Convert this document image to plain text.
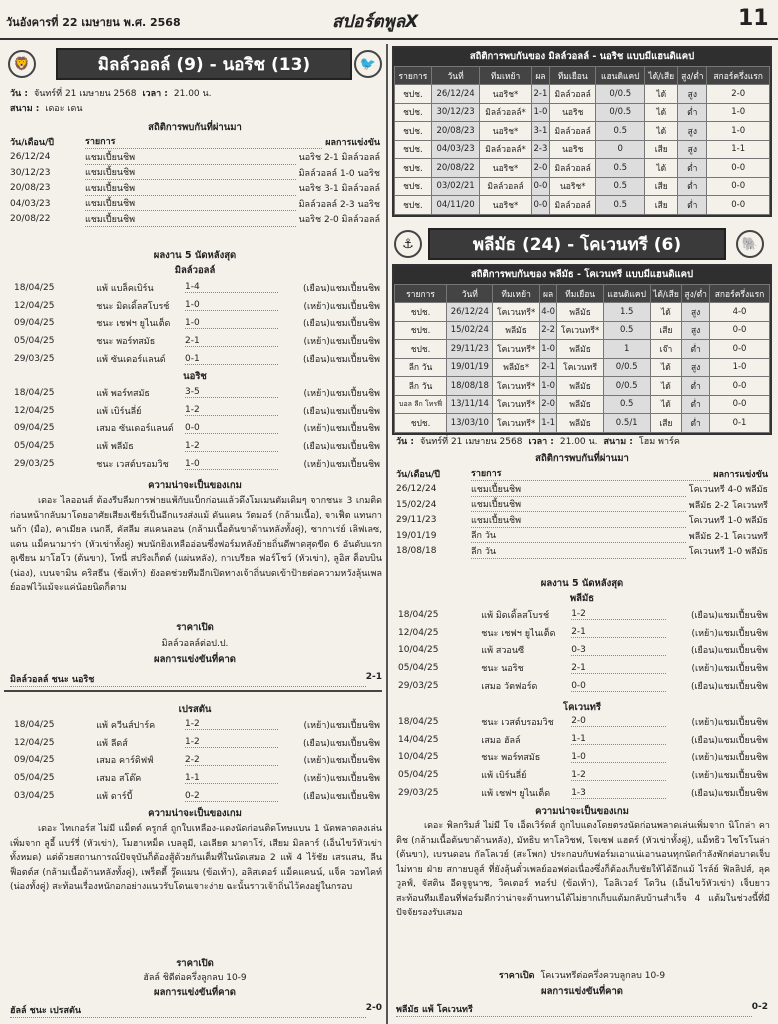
วันอังคารที่ 22 เมษายน พ.ศ. 2568	สปอร์ตพูลX	11
🦁	มิลล์วอลล์ (9) - นอริช (13)	🐦
วัน : จันทร์ที่ 21 เมษายน 2568 เวลา : 21.00 น.
สนาม : เดอะ เดน
สถิติการพบกันที่ผ่านมา
วัน/เดือน/ปี	รายการ	ผลการแข่งขัน
26/12/24	แชมเปี้ยนชิพ	นอริช 2-1 มิลล์วอลล์
30/12/23	แชมเปี้ยนชิพ	มิลล์วอลล์ 1-0 นอริช
20/08/23	แชมเปี้ยนชิพ	นอริช 3-1 มิลล์วอลล์
04/03/23	แชมเปี้ยนชิพ	มิลล์วอลล์ 2-3 นอริช
20/08/22	แชมเปี้ยนชิพ	นอริช 2-0 มิลล์วอลล์
ผลงาน 5 นัดหลังสุด
มิลล์วอลล์
18/04/25	แพ้ แบล็คเบิร์น	1-4	(เยือน) แชมเปี้ยนชิพ
12/04/25	ชนะ มิดเดิ้ลสโบรช์	1-0	(เหย้า) แชมเปี้ยนชิพ
09/04/25	ชนะ เชฟฯ ยูไนเต็ด	1-0	(เยือน) แชมเปี้ยนชิพ
05/04/25	ชนะ พอร์ทสมัธ	2-1	(เหย้า) แชมเปี้ยนชิพ
29/03/25	แพ้ ซันเดอร์แลนด์	0-1	(เยือน) แชมเปี้ยนชิพ
นอริช
18/04/25	แพ้ พอร์ทสมัธ	3-5	(เหย้า) แชมเปี้ยนชิพ
12/04/25	แพ้ เบิร์นลี่ย์	1-2	(เยือน) แชมเปี้ยนชิพ
09/04/25	เสมอ ซันเดอร์แลนด์	0-0	(เหย้า) แชมเปี้ยนชิพ
05/04/25	แพ้ พลีมัธ	1-2	(เยือน) แชมเปี้ยนชิพ
29/03/25	ชนะ เวสต์บรอมวิช	1-0	(เหย้า) แชมเปี้ยนชิพ
ความน่าจะเป็นของเกม
เดอะ ไลออนส์ ต้องรีบลืมการพ่ายแพ้กับแบ็กก่อนแล้วดึงโมเมนตัมเดิมๆ จากชนะ 3 เกมติดก่อนหน้ากลับมาโดยอาศัยเสียงเชียร์เป็นอีกแรงส่งแม้ ดันแคน วัตมอร์ (กล้ามเนื้อ), จาเฟ็ต แทนกานก้า (มือ), คาเมียล เนกลี, คัสลีม สแคนลอน (กล้ามเนื้อต้นขาด้านหลังทั้งคู่), ซากาเร่ย์ เลิฟเลซ, แดน แม็คนามาร่า (หัวเข่าทั้งคู่) พบนักยิงเหลืออ่อนซึ่งฟอร์มหลังย้ายถิ่นดีพาดสุดขีด 6 อันดับแรก ลูเซียน มาโฮโว (ต้นขา), โทนี่ สปริงเก็ตต์ (แผ่นหลัง), กาเบรียล ฟอร์โชว์ (หัวเข่า), ลูอิส ด็อบบิน (น่อง), เบนจามิน คริสธีน (ช้อเท้า) ยังอดช่วยทีมอีกเปิดทางเจ้าถิ่นบดเข้าป้ายต่อความหวังลุ้นเพลย์ออฟไว้แม้จะแค่น้อยนิดก็ตาม
ราคาเปิด
มิลล์วอลล์ต่อป.ป.
ผลการแข่งขันที่คาด
มิลล์วอลล์ ชนะ นอริช	2-1
เปรสตัน
18/04/25	แพ้ ควีนส์ปาร์ค	1-2	(เหย้า) แชมเปี้ยนชิพ
12/04/25	แพ้ ลีดส์	1-2	(เยือน) แชมเปี้ยนชิพ
09/04/25	เสมอ คาร์ดิฟฟ์	2-2	(เหย้า) แชมเปี้ยนชิพ
05/04/25	เสมอ สโต๊ค	1-1	(เหย้า) แชมเปี้ยนชิพ
03/04/25	แพ้ ดาร์บี้	0-2	(เยือน) แชมเปี้ยนชิพ
ความน่าจะเป็นของเกม
เดอะ ไทเกอร์ส ไม่มี แม็ตต์ ครูกส์ ถูกใบเหลือง-แดงนัดก่อนติดโทษแบน 1 นัดพลาดลงเล่นเพิ่มจาก ลูอี้ แบร์รี่ (หัวเข่า), โมฮาเหม็ด เบลลูมี, เอเลียต มาดาโร่, เสียม มิลลาร์ (เอ็นไขว้หัวเข่าทั้งหมด) แต่ด้วยสถานการณ์ปัจจุบันก็ต้องสู้ด้วยกันเต็มที่ในนัดเสมอ 2 แพ้ 4 ไร้ชัย เสรแสน, ลีน ฟ็อตต์ส (กล้ามเนื้อด้านหลังทั้งคู่), เพร็ตตี้ วู๊ดแมน (ข้อเท้า), อลิสเตอร์ แม็คแคนน์, แจ็ค วอทไคท์ (น่องทั้งคู่) สะท้อนเรื่องหนักอกอย่างแนวรับโดนเจาะง่าย ฉะนั้นราวเจ้าถิ่นไว้คงอยู่ในกรอบ
ราคาเปิด
ฮัลล์ ชิดีต่อครึ่งลูกลบ 10-9
ผลการแข่งขันที่คาด
ฮัลล์ ชนะ เปรสตัน	2-0
สถิติการพบกันของ มิลล์วอลล์ - นอริช แบบมีแฮนดิแคป
รายการ	วันที่	ทีมเหย้า	ผล	ทีมเยือน	แฮนดิแคป	ได้/เสีย	สูง/ต่ำ	สกอร์ครึ่งแรก
ชปช.	26/12/24	นอริช*	2-1	มิลล์วอลล์	0/0.5	ได้	สูง	2-0
ชปช.	30/12/23	มิลล์วอลล์*	1-0	นอริช	0/0.5	ได้	ต่ำ	1-0
ชปช.	20/08/23	นอริช*	3-1	มิลล์วอลล์	0.5	ได้	สูง	1-0
ชปช.	04/03/23	มิลล์วอลล์*	2-3	นอริช	0	เสีย	สูง	1-1
ชปช.	20/08/22	นอริช*	2-0	มิลล์วอลล์	0.5	ได้	ต่ำ	0-0
ชปช.	03/02/21	มิลล์วอลล์	0-0	นอริช*	0.5	เสีย	ต่ำ	0-0
ชปช.	04/11/20	นอริช*	0-0	มิลล์วอลล์	0.5	เสีย	ต่ำ	0-0
⚓	พลีมัธ (24) - โคเวนทรี (6)	🐘
สถิติการพบกันของ พลีมัธ - โคเวนทรี แบบมีแฮนดิแคป
รายการ	วันที่	ทีมเหย้า	ผล	ทีมเยือน	แฮนดิแคป	ได้/เสีย	สูง/ต่ำ	สกอร์ครึ่งแรก
ชปช.	26/12/24	โคเวนทรี*	4-0	พลีมัธ	1.5	ได้	สูง	4-0
ชปช.	15/02/24	พลีมัธ	2-2	โคเวนทรี*	0.5	เสีย	สูง	0-0
ชปช.	29/11/23	โคเวนทรี*	1-0	พลีมัธ	1	เจ๊า	ต่ำ	0-0
ลีก วัน	19/01/19	พลีมัธ*	2-1	โคเวนทรี	0/0.5	ได้	สูง	1-0
ลีก วัน	18/08/18	โคเวนทรี*	1-0	พลีมัธ	0/0.5	ได้	ต่ำ	0-0
บอล ลีก โทรฟี่	13/11/14	โคเวนทรี*	2-0	พลีมัธ	0.5	ได้	ต่ำ	0-0
ชปช.	13/03/10	โคเวนทรี*	1-1	พลีมัธ	0.5/1	เสีย	ต่ำ	0-1
วัน : จันทร์ที่ 21 เมษายน 2568 เวลา : 21.00 น. สนาม : โฮม พาร์ค
สถิติการพบกันที่ผ่านมา
วัน/เดือน/ปี	รายการ	ผลการแข่งขัน
26/12/24	แชมเปี้ยนชิพ	โคเวนทรี 4-0 พลีมัธ
15/02/24	แชมเปี้ยนชิพ	พลีมัธ 2-2 โคเวนทรี
29/11/23	แชมเปี้ยนชิพ	โคเวนทรี 1-0 พลีมัธ
19/01/19	ลีก วัน	พลีมัธ 2-1 โคเวนทรี
18/08/18	ลีก วัน	โคเวนทรี 1-0 พลีมัธ
ผลงาน 5 นัดหลังสุด
พลีมัธ
18/04/25	แพ้ มิดเดิ้ลสโบรช์	1-2	(เยือน) แชมเปี้ยนชิพ
12/04/25	ชนะ เชฟฯ ยูไนเต็ด	2-1	(เหย้า) แชมเปี้ยนชิพ
10/04/25	แพ้ สวอนซี	0-3	(เยือน) แชมเปี้ยนชิพ
05/04/25	ชนะ นอริช	2-1	(เหย้า) แชมเปี้ยนชิพ
29/03/25	เสมอ วัตฟอร์ด	0-0	(เยือน) แชมเปี้ยนชิพ
โคเวนทรี
18/04/25	ชนะ เวสต์บรอมวิช	2-0	(เหย้า) แชมเปี้ยนชิพ
14/04/25	เสมอ ฮัลล์	1-1	(เยือน) แชมเปี้ยนชิพ
10/04/25	ชนะ พอร์ทสมัธ	1-0	(เหย้า) แชมเปี้ยนชิพ
05/04/25	แพ้ เบิร์นลี่ย์	1-2	(เหย้า) แชมเปี้ยนชิพ
29/03/25	แพ้ เชฟฯ ยูไนเต็ด	1-3	(เยือน) แชมเปี้ยนชิพ
ความน่าจะเป็นของเกม
เดอะ พิลกริมส์ ไม่มี โจ เอ็ดเวิร์ดส์ ถูกไบแดงโดยตรงนัดก่อนพลาดเล่นเพิ่มจาก นิโกล่า คาติช (กล้ามเนื้อต้นขาด้านหลัง), มัทธิบ ทาโลวิชฟ, โจเซฟ แฮตร์ (หัวเข่าทั้งคู่), แม็ทธิว ไซโรโนล่า (ต้นขา), เบรนดอน กัลโลเวย์ (สะโพก) ประกอบกับฟอร์มเอาแน่เอานอนทุกนัดกำลังพักต่อบาดเจ็บไม่หาย ฝ่าย สกายบลูส์ ที่ยังลุ้นตั๋วเพลย์ออฟต่อเนื่องซึ่งก็ต้องเก็บชัยให้ได้อีกแม้ ไรล์ย์ ฟิลลิปส์, ลุค วูลฟ์, จัสติน อีดจูจูนาซ, วิคเตอร์ ทอร์ป (ข้อเท้า), โอลิเวอร์ โดวิน (เอ็นไขว้หัวเข่า) เจ็บยาว สะท้อนทีมเยือนที่ฟอร์มดีกว่าน่าจะต้านทานได้ไม่ยากเก็บแต้มกลับบ้านสำเร็จ 4 แต้มในช่วงนี้ที่มีปัจจัยรองรับเสมอ
ราคาเปิด โคเวนทรีต่อครึ่งควบลูกลบ 10-9
ผลการแข่งขันที่คาด
พลีมัธ แพ้ โคเวนทรี	0-2
